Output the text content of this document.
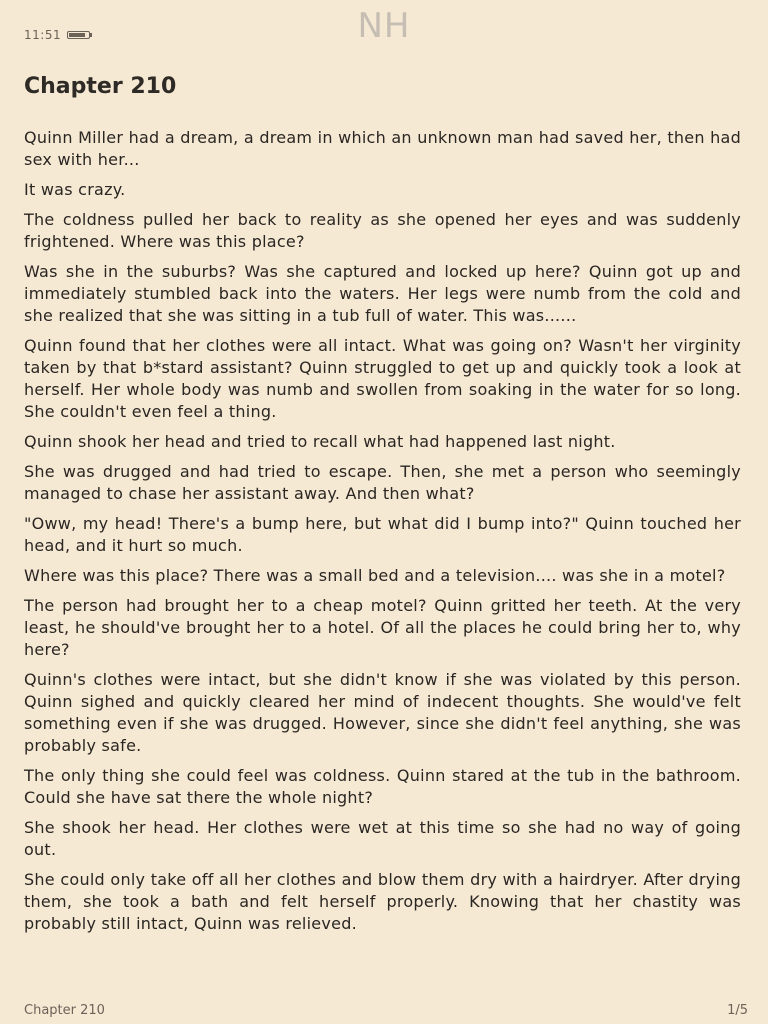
11:51	NH
Chapter 210

Quinn Miller had a dream, a dream in which an unknown man had saved her, then had sex with her...

It was crazy.

The coldness pulled her back to reality as she opened her eyes and was suddenly frightened. Where was this place?

Was she in the suburbs? Was she captured and locked up here? Quinn got up and immediately stumbled back into the waters. Her legs were numb from the cold and she realized that she was sitting in a tub full of water. This was......

Quinn found that her clothes were all intact. What was going on? Wasn't her virginity taken by that b*stard assistant? Quinn struggled to get up and quickly took a look at herself. Her whole body was numb and swollen from soaking in the water for so long. She couldn't even feel a thing.

Quinn shook her head and tried to recall what had happened last night.

She was drugged and had tried to escape. Then, she met a person who seemingly managed to chase her assistant away. And then what?

"Oww, my head! There's a bump here, but what did I bump into?" Quinn touched her head, and it hurt so much.

Where was this place? There was a small bed and a television.... was she in a motel?

The person had brought her to a cheap motel? Quinn gritted her teeth. At the very least, he should've brought her to a hotel. Of all the places he could bring her to, why here?

Quinn's clothes were intact, but she didn't know if she was violated by this person. Quinn sighed and quickly cleared her mind of indecent thoughts. She would've felt something even if she was drugged. However, since she didn't feel anything, she was probably safe.

The only thing she could feel was coldness. Quinn stared at the tub in the bathroom. Could she have sat there the whole night?

She shook her head. Her clothes were wet at this time so she had no way of going out.

She could only take off all her clothes and blow them dry with a hairdryer. After drying them, she took a bath and felt herself properly. Knowing that her chastity was probably still intact, Quinn was relieved.

Chapter 210	1/5
